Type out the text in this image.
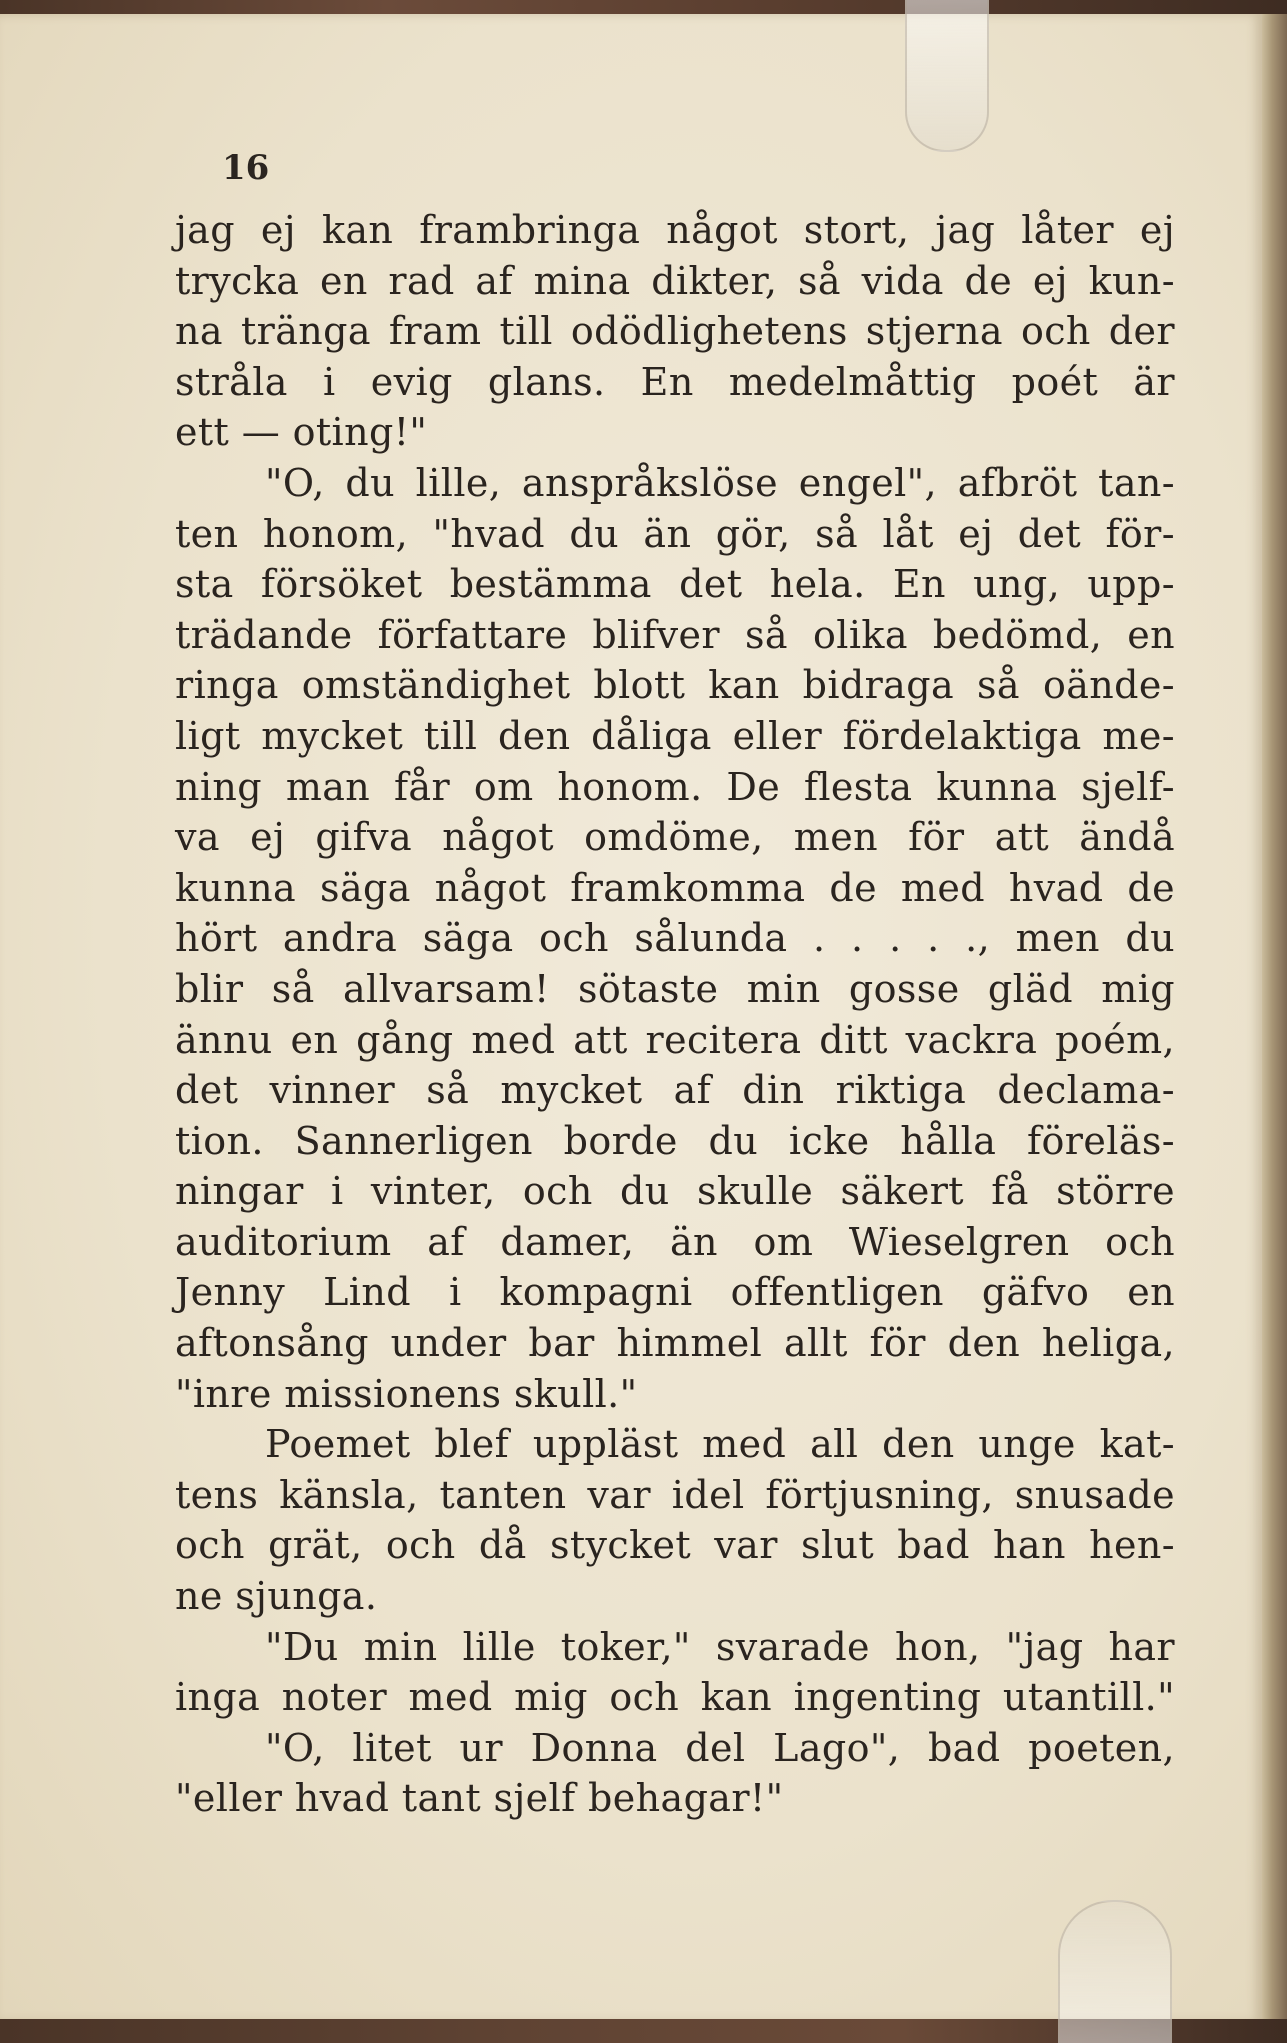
16
jag ej kan frambringa något stort, jag låter ej
trycka en rad af mina dikter, så vida de ej kun-
na tränga fram till odödlighetens stjerna och der
stråla i evig glans. En medelmåttig poét är
ett — oting!"
"O, du lille, anspråkslöse engel", afbröt tan-
ten honom, "hvad du än gör, så låt ej det för-
sta försöket bestämma det hela. En ung, upp-
trädande författare blifver så olika bedömd, en
ringa omständighet blott kan bidraga så oände-
ligt mycket till den dåliga eller fördelaktiga me-
ning man får om honom. De flesta kunna sjelf-
va ej gifva något omdöme, men för att ändå
kunna säga något framkomma de med hvad de
hört andra säga och sålunda . . . . ., men du
blir så allvarsam! sötaste min gosse gläd mig
ännu en gång med att recitera ditt vackra poém,
det vinner så mycket af din riktiga declama-
tion. Sannerligen borde du icke hålla föreläs-
ningar i vinter, och du skulle säkert få större
auditorium af damer, än om Wieselgren och
Jenny Lind i kompagni offentligen gäfvo en
aftonsång under bar himmel allt för den heliga,
"inre missionens skull."
Poemet blef uppläst med all den unge kat-
tens känsla, tanten var idel förtjusning, snusade
och grät, och då stycket var slut bad han hen-
ne sjunga.
"Du min lille toker," svarade hon, "jag har
inga noter med mig och kan ingenting utantill."
"O, litet ur Donna del Lago", bad poeten,
"eller hvad tant sjelf behagar!"
